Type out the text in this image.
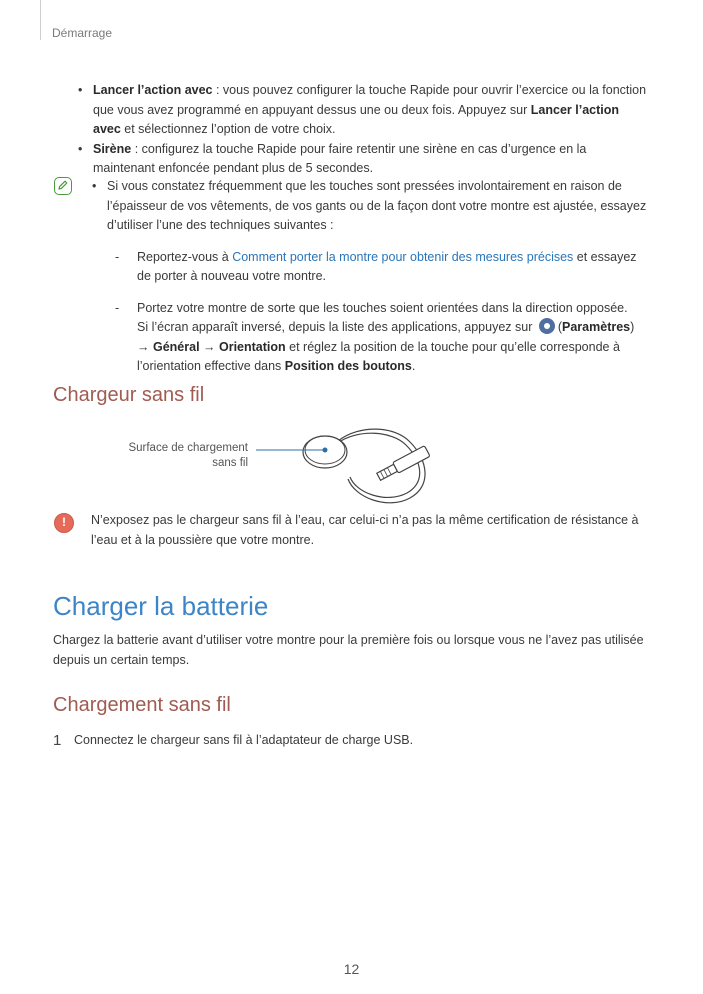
Démarrage
• Lancer l’action avec : vous pouvez configurer la touche Rapide pour ouvrir l’exercice ou la fonction que vous avez programmé en appuyant dessus une ou deux fois. Appuyez sur Lancer l’action avec et sélectionnez l’option de votre choix.
• Sirène : configurez la touche Rapide pour faire retentir une sirène en cas d’urgence en la maintenant enfoncée pendant plus de 5 secondes.
• Si vous constatez fréquemment que les touches sont pressées involontairement en raison de l’épaisseur de vos vêtements, de vos gants ou de la façon dont votre montre est ajustée, essayez d’utiliser l’une des techniques suivantes :
- Reportez-vous à Comment porter la montre pour obtenir des mesures précises et essayez de porter à nouveau votre montre.
- Portez votre montre de sorte que les touches soient orientées dans la direction opposée.
Si l’écran apparaît inversé, depuis la liste des applications, appuyez sur (Paramètres)
→ Général → Orientation et réglez la position de la touche pour qu’elle corresponde à l’orientation effective dans Position des boutons.
Chargeur sans fil
Surface de chargement sans fil
!	N’exposez pas le chargeur sans fil à l’eau, car celui-ci n’a pas la même certification de résistance à l’eau et à la poussière que votre montre.
Charger la batterie
Chargez la batterie avant d’utiliser votre montre pour la première fois ou lorsque vous ne l’avez pas utilisée depuis un certain temps.
Chargement sans fil
1 Connectez le chargeur sans fil à l’adaptateur de charge USB.
12
